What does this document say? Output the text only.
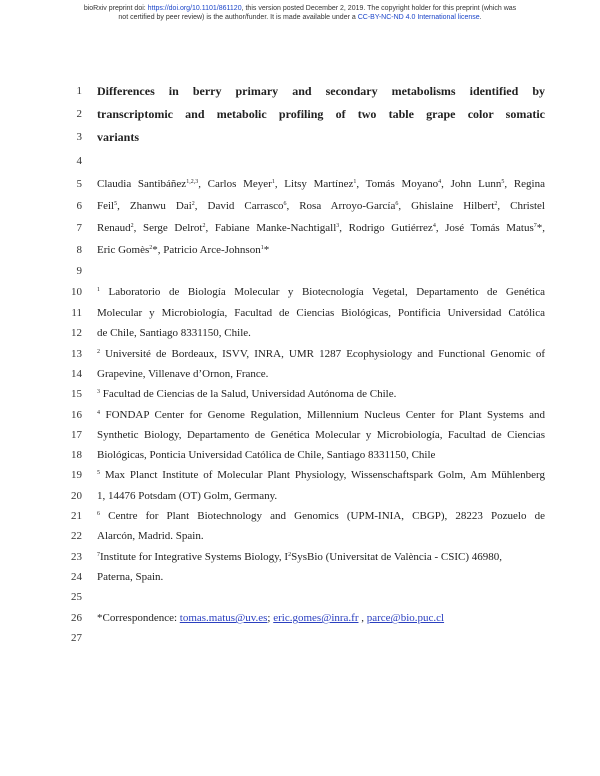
bioRxiv preprint doi: https://doi.org/10.1101/861120, this version posted December 2, 2019. The copyright holder for this preprint (which was
not certified by peer review) is the author/funder. It is made available under a CC-BY-NC-ND 4.0 International license.
1
2
3
4
5
6
7
8
9
10
11
12
13
14
15
16
17
18
19
20
21
22
23
24
25
26
27
Differences in berry primary and secondary metabolisms identified by
transcriptomic and metabolic profiling of two table grape color somatic
variants
Claudia Santibáñez$^{1,2,3}$, Carlos Meyer$^1$, Litsy Martínez$^1$, Tomás Moyano$^4$, John Lunn$^5$, Regina
Feil$^5$, Zhanwu Dai$^2$, David Carrasco$^6$, Rosa Arroyo-García$^6$, Ghislaine Hilbert$^2$, Christel
Renaud$^2$, Serge Delrot$^2$, Fabiane Manke-Nachtigall$^3$, Rodrigo Gutiérrez$^4$, José Tomás Matus$^7$*,
Eric Gomès$^2$*, Patricio Arce-Johnson$^1$*
$^1$ Laboratorio de Biología Molecular y Biotecnología Vegetal, Departamento de Genética
Molecular y Microbiología, Facultad de Ciencias Biológicas, Pontificia Universidad Católica
de Chile, Santiago 8331150, Chile.
$^2$ Université de Bordeaux, ISVV, INRA, UMR 1287 Ecophysiology and Functional Genomic of
Grapevine, Villenave d’Ornon, France.
$^3$ Facultad de Ciencias de la Salud, Universidad Autónoma de Chile.
$^4$ FONDAP Center for Genome Regulation, Millennium Nucleus Center for Plant Systems and
Synthetic Biology, Departamento de Genética Molecular y Microbiología, Facultad de Ciencias
Biológicas, Ponticia Universidad Católica de Chile, Santiago 8331150, Chile
$^5$ Max Planct Institute of Molecular Plant Physiology, Wissenschaftspark Golm, Am Mühlenberg
1, 14476 Potsdam (OT) Golm, Germany.
$^6$ Centre for Plant Biotechnology and Genomics (UPM-INIA, CBGP), 28223 Pozuelo de
Alarcón, Madrid. Spain.
$^7$Institute for Integrative Systems Biology, $I^2SysBio$ (Universitat de València - CSIC) 46980,
Paterna, Spain.
*Correspondence: tomas.matus@uv.es; eric.gomes@inra.fr , parce@bio.puc.cl
